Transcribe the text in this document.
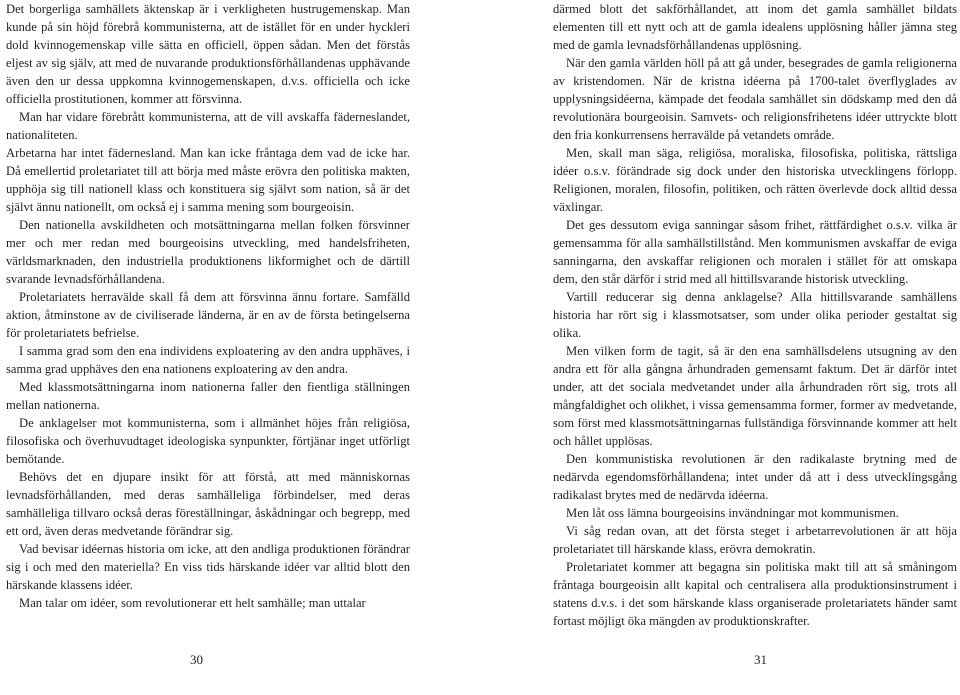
Det borgerliga samhällets äktenskap är i verkligheten hustrugemenskap. Man kunde på sin höjd förebrå kommunisterna, att de istället för en under hyckleri dold kvinnogemenskap ville sätta en officiell, öppen sådan. Men det förstås eljest av sig själv, att med de nuvarande produktionsförhållandenas upphävande även den ur dessa uppkomna kvinnogemenskapen, d.v.s. officiella och icke officiella prostitutionen, kommer att försvinna.

Man har vidare förebrått kommunisterna, att de vill avskaffa fäderneslandet, nationaliteten.

Arbetarna har intet fädernesland. Man kan icke fråntaga dem vad de icke har. Då emellertid proletariatet till att börja med måste erövra den politiska makten, upphöja sig till nationell klass och konstituera sig självt som nation, så är det självt ännu nationellt, om också ej i samma mening som bourgeoisin.

Den nationella avskildheten och motsättningarna mellan folken försvinner mer och mer redan med bourgeoisins utveckling, med handelsfriheten, världsmarknaden, den industriella produktionens likformighet och de därtill svarande levnadsförhållandena.

Proletariatets herravälde skall få dem att försvinna ännu fortare. Samfälld aktion, åtminstone av de civiliserade länderna, är en av de första betingelserna för proletariatets befrielse.

I samma grad som den ena individens exploatering av den andra upphäves, i samma grad upphäves den ena nationens exploatering av den andra.

Med klassmotsättningarna inom nationerna faller den fientliga ställningen mellan nationerna.

De anklagelser mot kommunisterna, som i allmänhet höjes från religiösa, filosofiska och överhuvudtaget ideologiska synpunkter, förtjänar inget utförligt bemötande.

Behövs det en djupare insikt för att förstå, att med människornas levnadsförhållanden, med deras samhälleliga förbindelser, med deras samhälleliga tillvaro också deras föreställningar, åskådningar och begrepp, med ett ord, även deras medvetande förändrar sig.

Vad bevisar idéernas historia om icke, att den andliga produktionen förändrar sig i och med den materiella? En viss tids härskande idéer var alltid blott den härskande klassens idéer.

Man talar om idéer, som revolutionerar ett helt samhälle; man uttalar

30

därmed blott det sakförhållandet, att inom det gamla samhället bildats elementen till ett nytt och att de gamla idealens upplösning håller jämna steg med de gamla levnadsförhållandenas upplösning.

När den gamla världen höll på att gå under, besegrades de gamla religionerna av kristendomen. När de kristna idéerna på 1700-talet överflyglades av upplysningsidéerna, kämpade det feodala samhället sin dödskamp med den då revolutionära bourgeoisin. Samvets- och religionsfrihetens idéer uttryckte blott den fria konkurrensens herravälde på vetandets område.

Men, skall man säga, religiösa, moraliska, filosofiska, politiska, rättsliga idéer o.s.v. förändrade sig dock under den historiska utvecklingens förlopp. Religionen, moralen, filosofin, politiken, och rätten överlevde dock alltid dessa växlingar.

Det ges dessutom eviga sanningar såsom frihet, rättfärdighet o.s.v. vilka är gemensamma för alla samhällstillstånd. Men kommunismen avskaffar de eviga sanningarna, den avskaffar religionen och moralen i stället för att omskapa dem, den står därför i strid med all hittillsvarande historisk utveckling.

Vartill reducerar sig denna anklagelse? Alla hittillsvarande samhällens historia har rört sig i klassmotsatser, som under olika perioder gestaltat sig olika.

Men vilken form de tagit, så är den ena samhällsdelens utsugning av den andra ett för alla gångna århundraden gemensamt faktum. Det är därför intet under, att det sociala medvetandet under alla århundraden rört sig, trots all mångfaldighet och olikhet, i vissa gemensamma former, former av medvetande, som först med klassmotsättningarnas fullständiga försvinnande kommer att helt och hållet upplösas.

Den kommunistiska revolutionen är den radikalaste brytning med de nedärvda egendomsförhållandena; intet under då att i dess utvecklingsgång radikalast brytes med de nedärvda idéerna.

Men låt oss lämna bourgeoisins invändningar mot kommunismen.

Vi såg redan ovan, att det första steget i arbetarrevolutionen är att höja proletariatet till härskande klass, erövra demokratin.

Proletariatet kommer att begagna sin politiska makt till att så småningom fråntaga bourgeoisin allt kapital och centralisera alla produktionsinstrument i statens d.v.s. i det som härskande klass organiserade proletariatets händer samt fortast möjligt öka mängden av produktionskrafter.

31
